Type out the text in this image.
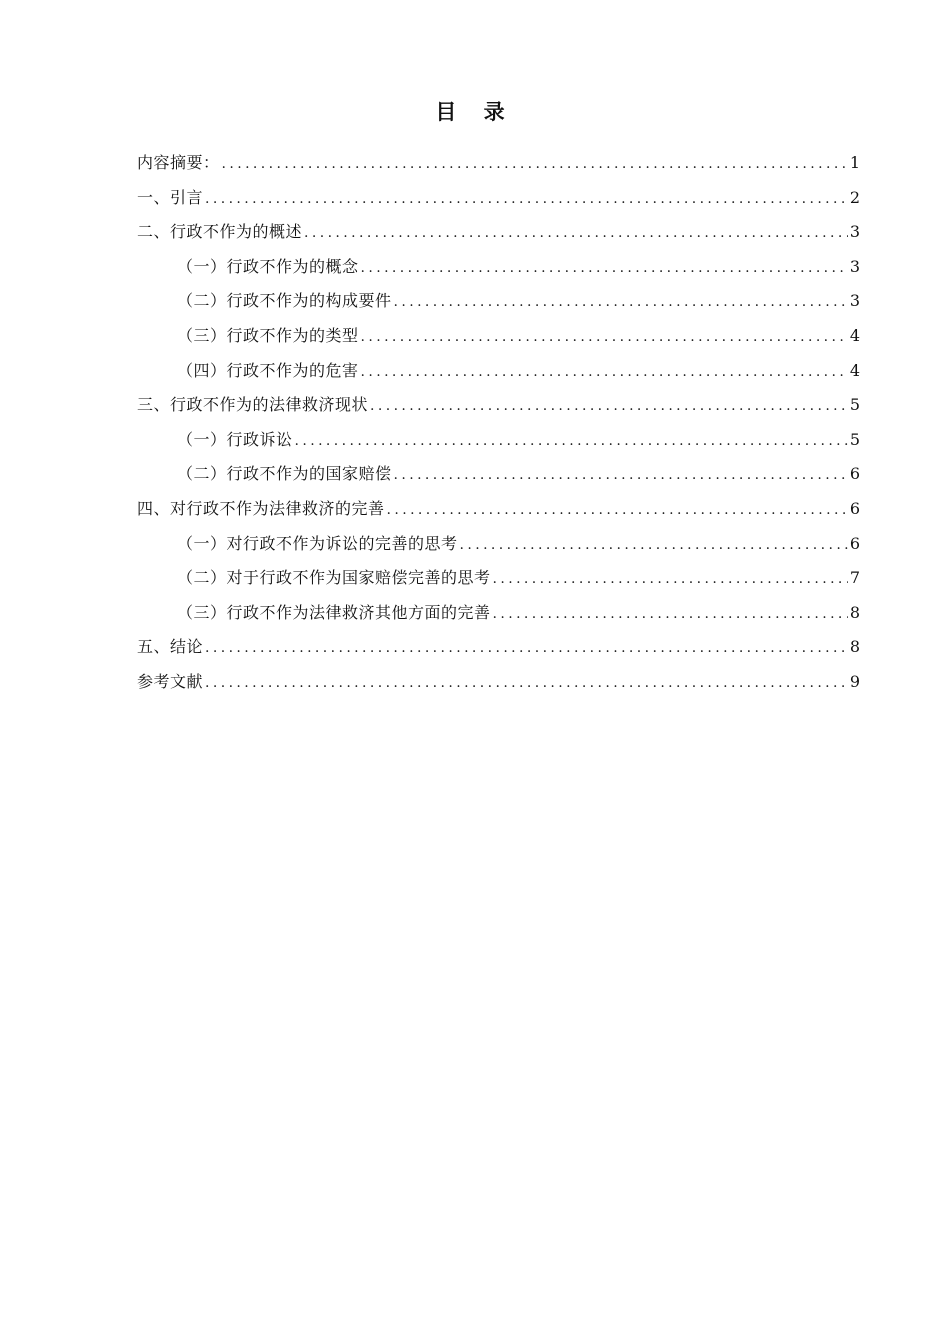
目 录
内容摘要： .....	1
一、引言 .....	2
二、行政不作为的概述 .....	3
（一）行政不作为的概念 .....	3
（二）行政不作为的构成要件 .....	3
（三）行政不作为的类型 .....	4
（四）行政不作为的危害 .....	4
三、行政不作为的法律救济现状 .....	5
（一）行政诉讼 .....	5
（二）行政不作为的国家赔偿 .....	6
四、对行政不作为法律救济的完善 .....	6
（一）对行政不作为诉讼的完善的思考 .....	6
（二）对于行政不作为国家赔偿完善的思考 .....	7
（三）行政不作为法律救济其他方面的完善 .....	8
五、结论 .....	8
参考文献 .....	9
